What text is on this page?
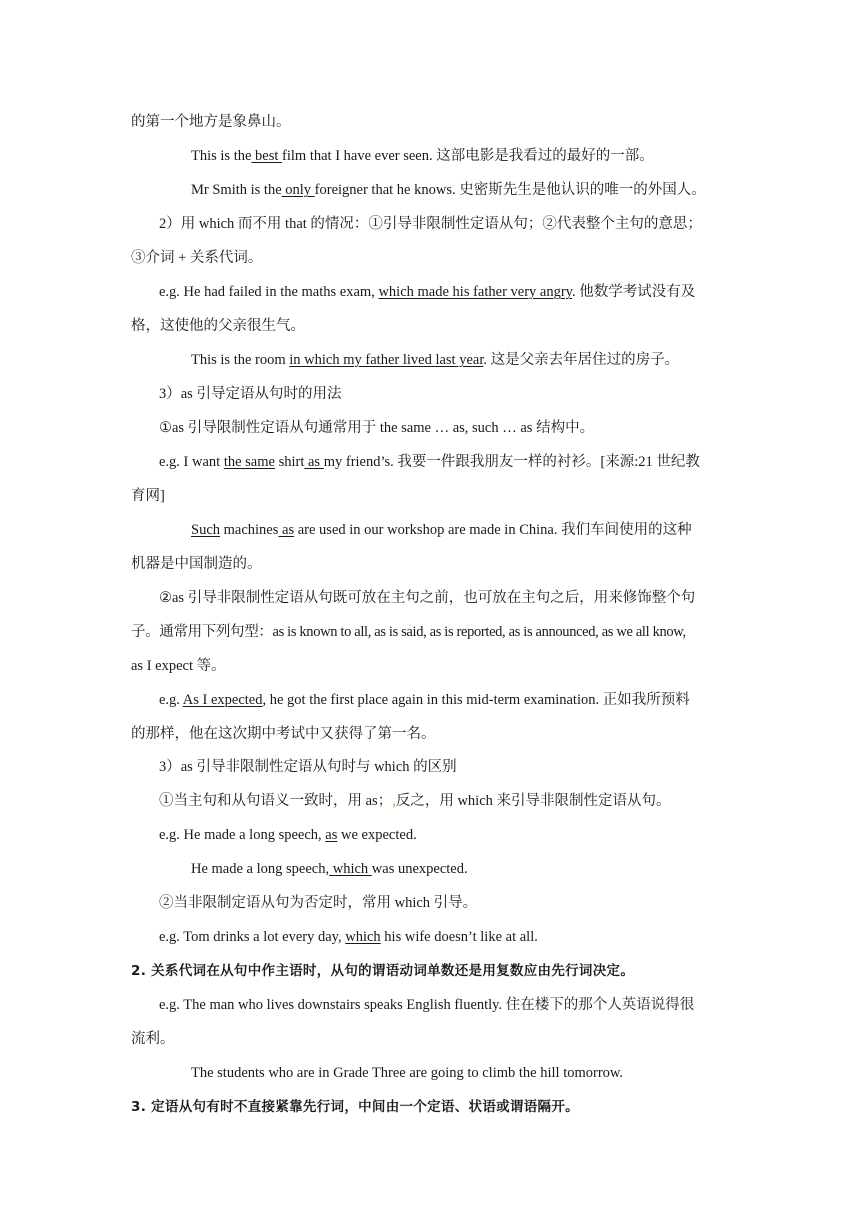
的第一个地方是象鼻山。
This is the best film that I have ever seen. 这部电影是我看过的最好的一部。
Mr Smith is the only foreigner that he knows. 史密斯先生是他认识的唯一的外国人。
2）用 which 而不用 that 的情况：①引导非限制性定语从句；②代表整个主句的意思；
③介词 + 关系代词。
e.g. He had failed in the maths exam, which made his father very angry. 他数学考试没有及
格，这使他的父亲很生气。
This is the room in which my father lived last year. 这是父亲去年居住过的房子。
3）as 引导定语从句时的用法
①as 引导限制性定语从句通常用于 the same … as, such … as 结构中。
e.g. I want the same shirt as my friend’s. 我要一件跟我朋友一样的衬衫。[来源:21 世纪教
育网]
Such machines as are used in our workshop are made in China. 我们车间使用的这种
机器是中国制造的。
②as 引导非限制性定语从句既可放在主句之前，也可放在主句之后，用来修饰整个句
子。通常用下列句型：as is known to all, as is said, as is reported, as is announced, as we all know,
as I expect 等。
e.g. As I expected, he got the first place again in this mid-term examination. 正如我所预料
的那样，他在这次期中考试中又获得了第一名。
3）as 引导非限制性定语从句时与 which 的区别
①当主句和从句语义一致时，用 as；,反之，用 which 来引导非限制性定语从句。
e.g. He made a long speech, as we expected.
He made a long speech, which was unexpected.
②当非限制定语从句为否定时，常用 which 引导。
e.g. Tom drinks a lot every day, which his wife doesn’t like at all.
2. 关系代词在从句中作主语时，从句的谓语动词单数还是用复数应由先行词决定。
e.g. The man who lives downstairs speaks English fluently. 住在楼下的那个人英语说得很
流利。
The students who are in Grade Three are going to climb the hill tomorrow.
3. 定语从句有时不直接紧靠先行词，中间由一个定语、状语或谓语隔开。
